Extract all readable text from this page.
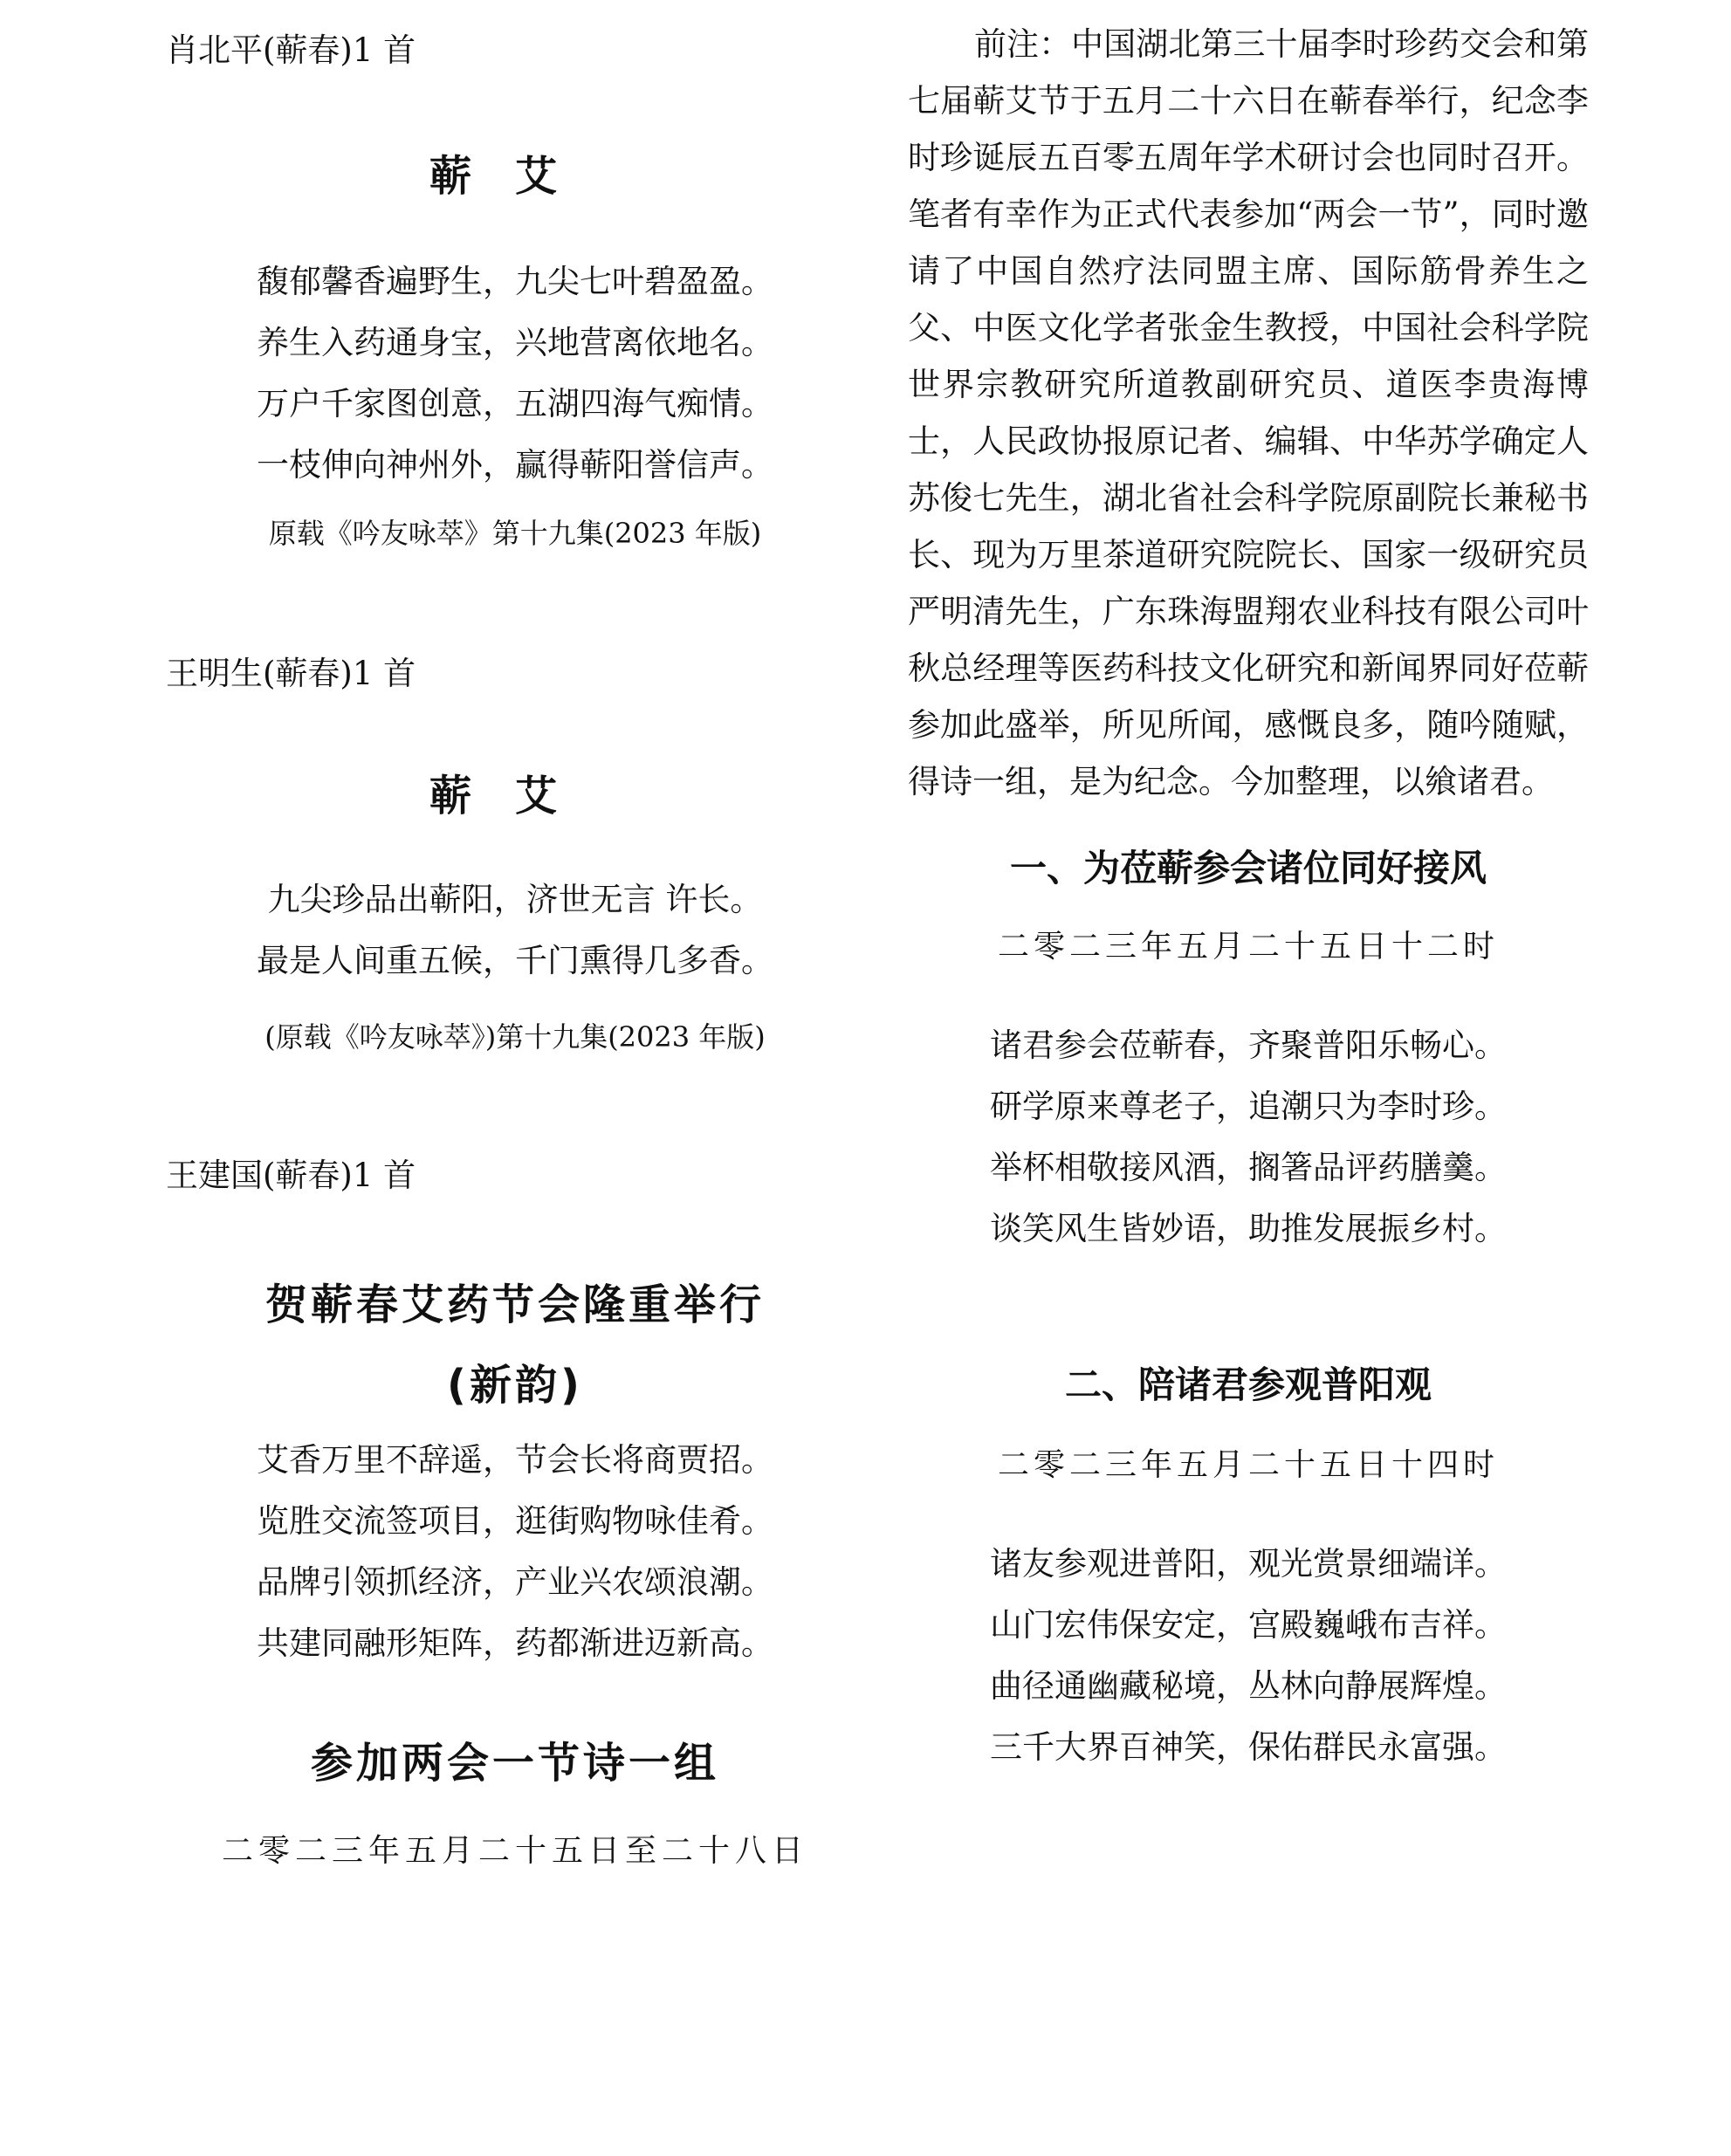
肖北平(蕲春)1 首
蕲艾
馥郁馨香遍野生，九尖七叶碧盈盈。
养生入药通身宝，兴地营离依地名。
万户千家图创意，五湖四海气痴情。
一枝伸向神州外，赢得蕲阳誉信声。
原载《吟友咏萃》第十九集(2023 年版)
王明生(蕲春)1 首
蕲艾
九尖珍品出蕲阳，济世无言 许长。
最是人间重五候，千门熏得几多香。
(原载《吟友咏萃》)第十九集(2023 年版)
王建国(蕲春)1 首
贺蕲春艾药节会隆重举行
(新韵)
艾香万里不辞遥，节会长将商贾招。
览胜交流签项目，逛街购物咏佳肴。
品牌引领抓经济，产业兴农颂浪潮。
共建同融形矩阵，药都渐进迈新高。
参加两会一节诗一组
二零二三年五月二十五日至二十八日

前注：中国湖北第三十届李时珍药交会和第七届蕲艾节于五月二十六日在蕲春举行，纪念李时珍诞辰五百零五周年学术研讨会也同时召开。笔者有幸作为正式代表参加“两会一节”，同时邀请了中国自然疗法同盟主席、国际筋骨养生之父、中医文化学者张金生教授，中国社会科学院世界宗教研究所道教副研究员、道医李贵海博士，人民政协报原记者、编辑、中华苏学确定人苏俊七先生，湖北省社会科学院原副院长兼秘书长、现为万里茶道研究院院长、国家一级研究员严明清先生，广东珠海盟翔农业科技有限公司叶秋总经理等医药科技文化研究和新闻界同好莅蕲参加此盛举，所见所闻，感慨良多，随吟随赋，得诗一组，是为纪念。今加整理，以飨诸君。

一、为莅蕲参会诸位同好接风
二零二三年五月二十五日十二时
诸君参会莅蕲春，齐聚普阳乐畅心。
研学原来尊老子，追潮只为李时珍。
举杯相敬接风酒，搁箸品评药膳羹。
谈笑风生皆妙语，助推发展振乡村。
二、陪诸君参观普阳观
二零二三年五月二十五日十四时
诸友参观进普阳，观光赏景细端详。
山门宏伟保安定，宫殿巍峨布吉祥。
曲径通幽藏秘境，丛林向静展辉煌。
三千大界百神笑，保佑群民永富强。
